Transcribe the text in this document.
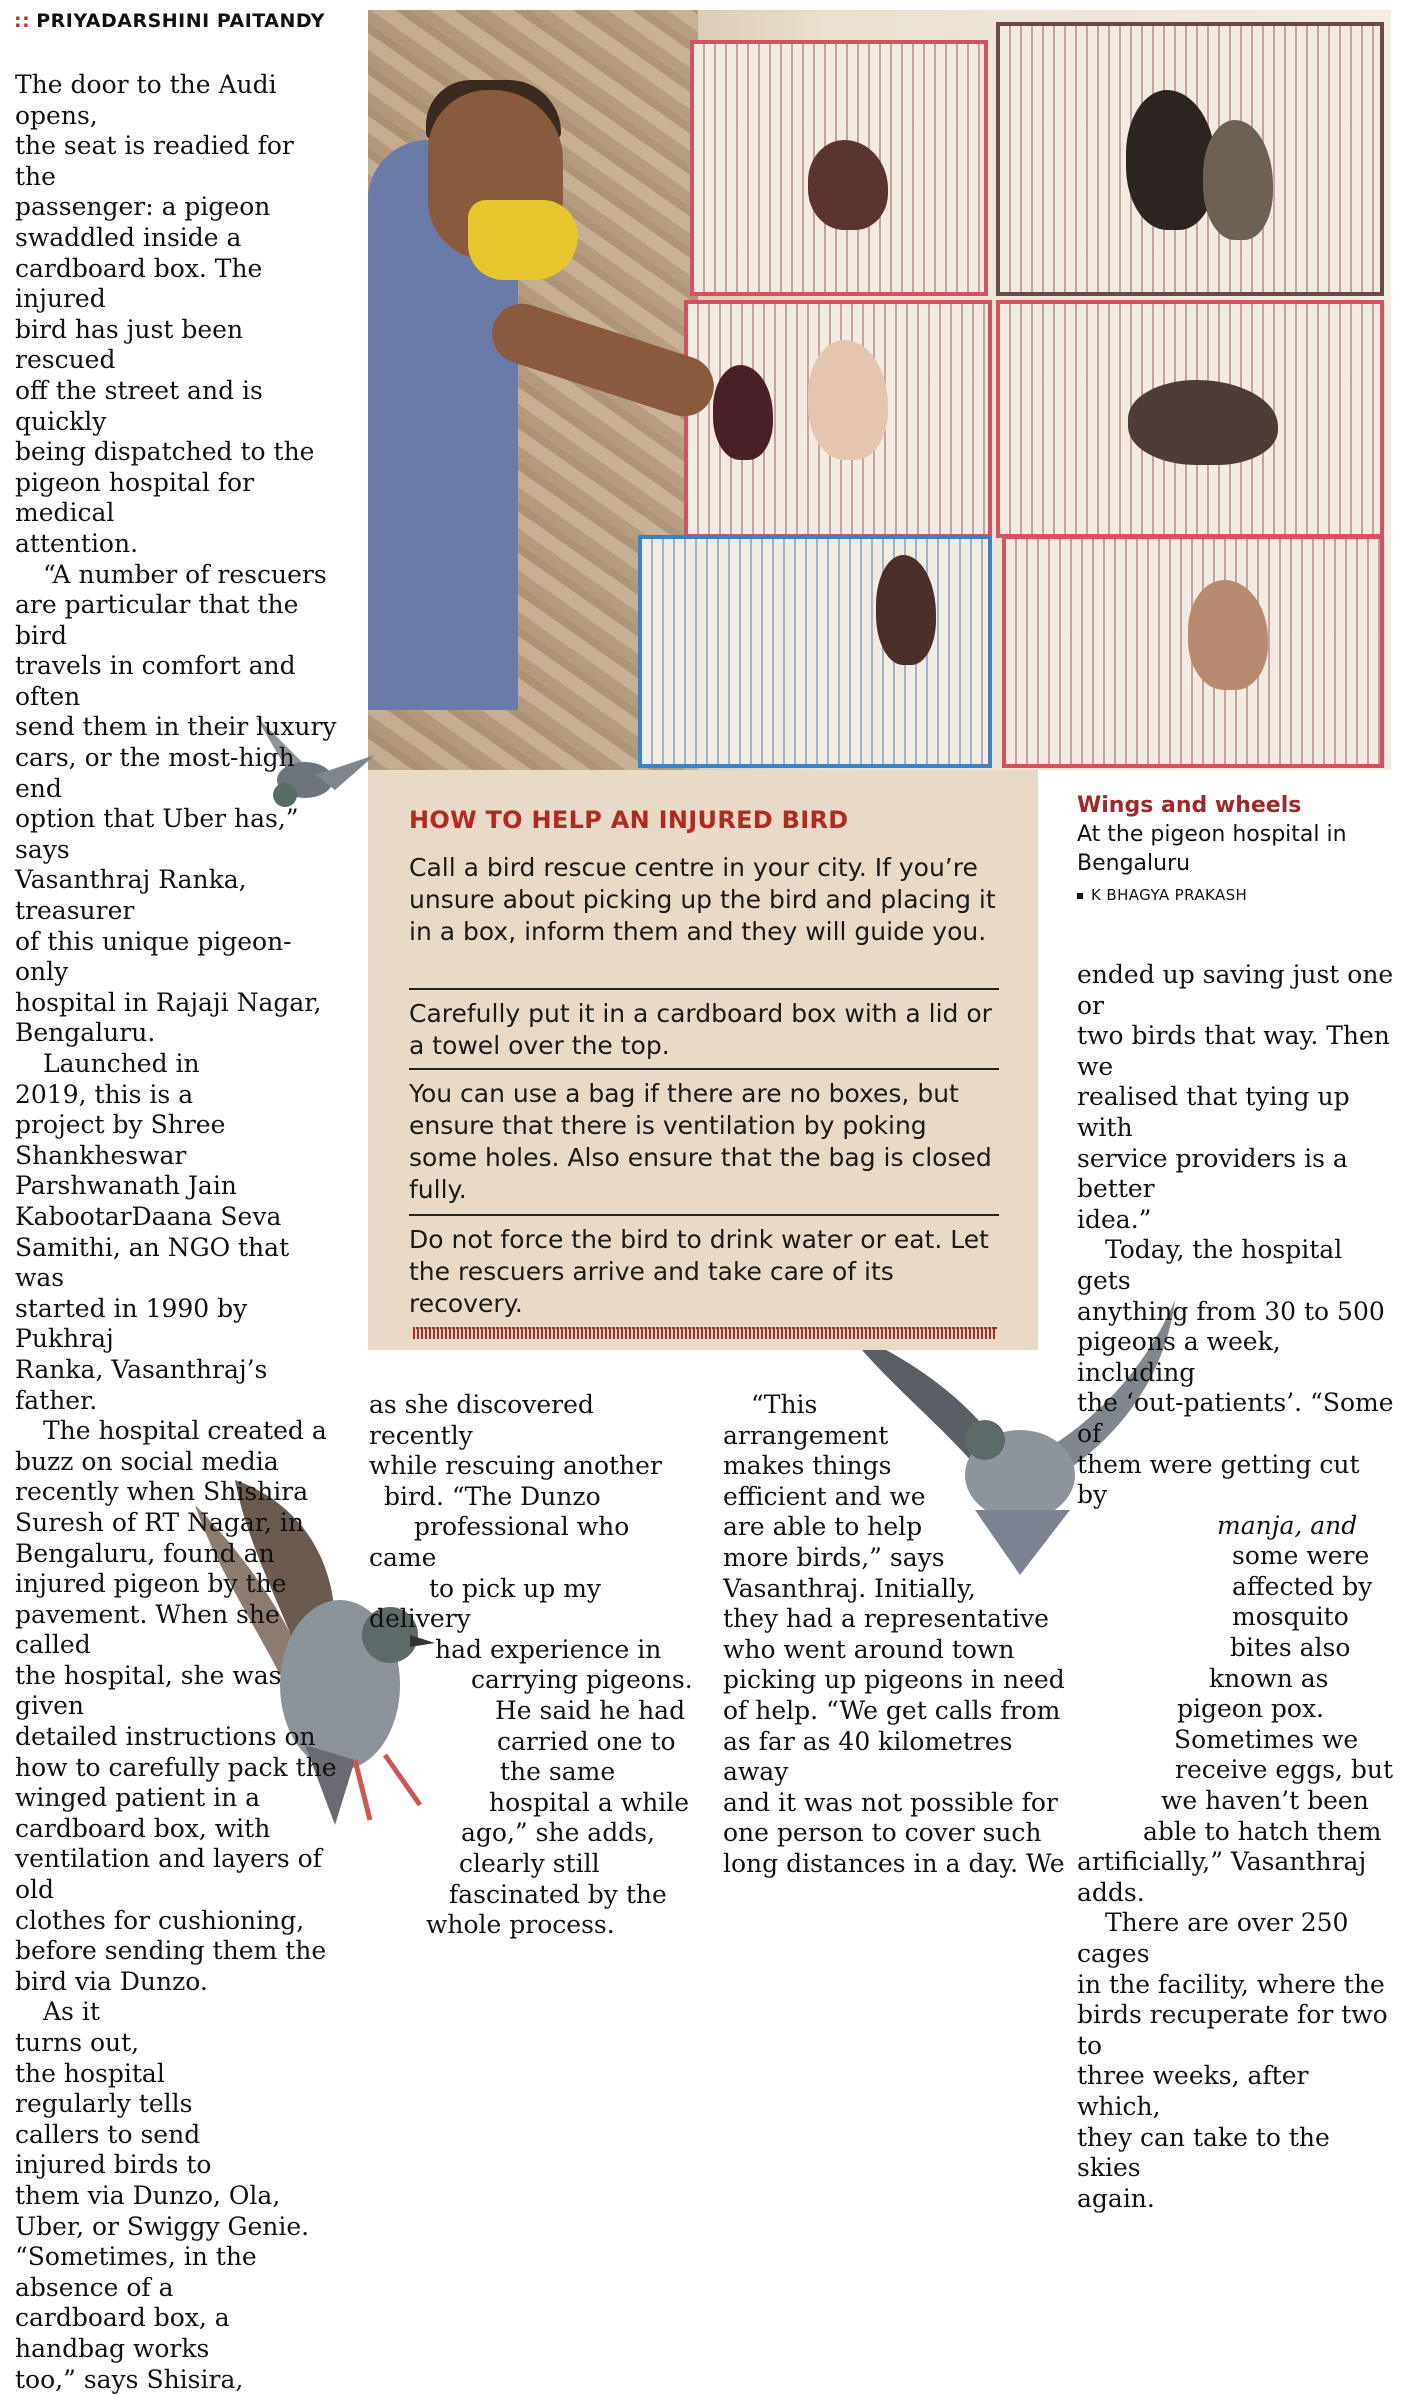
:: PRIYADARSHINI PAITANDY

The door to the Audi opens,
the seat is readied for the
passenger: a pigeon
swaddled inside a
cardboard box. The injured
bird has just been rescued
off the street and is quickly
being dispatched to the
pigeon hospital for medical
attention.
“A number of rescuers
are particular that the bird
travels in comfort and often
send them in their luxury
cars, or the most-high end
option that Uber has,” says
Vasanthraj Ranka, treasurer
of this unique pigeon-only
hospital in Rajaji Nagar,
Bengaluru.
Launched in
2019, this is a
project by Shree
Shankheswar
Parshwanath Jain
KabootarDaana Seva
Samithi, an NGO that was
started in 1990 by Pukhraj
Ranka, Vasanthraj’s father.
The hospital created a
buzz on social media
recently when Shishira
Suresh of RT Nagar, in
Bengaluru, found an
injured pigeon by the
pavement. When she called
the hospital, she was given
detailed instructions on
how to carefully pack the
winged patient in a
cardboard box, with
ventilation and layers of old
clothes for cushioning,
before sending them the
bird via Dunzo.
As it
turns out,
the hospital
regularly tells
callers to send
injured birds to
them via Dunzo, Ola,
Uber, or Swiggy Genie.
“Sometimes, in the
absence of a
cardboard box, a
handbag works
too,” says Shisira,

HOW TO HELP AN INJURED BIRD
Call a bird rescue centre in your city. If you’re unsure about picking up the bird and placing it in a box, inform them and they will guide you.
Carefully put it in a cardboard box with a lid or a towel over the top.
You can use a bag if there are no boxes, but ensure that there is ventilation by poking some holes. Also ensure that the bag is closed fully.
Do not force the bird to drink water or eat. Let the rescuers arrive and take care of its recovery.
Wings and wheels
At the pigeon hospital in Bengaluru
K BHAGYA PRAKASH

as she discovered recently
while rescuing another
bird. “The Dunzo
professional who came
to pick up my delivery
had experience in
carrying pigeons.
He said he had
carried one to
the same
hospital a while
ago,” she adds,
clearly still
fascinated by the
whole process.

“This
arrangement
makes things
efficient and we
are able to help
more birds,” says
Vasanthraj. Initially,
they had a representative
who went around town
picking up pigeons in need
of help. “We get calls from
as far as 40 kilometres away
and it was not possible for
one person to cover such
long distances in a day. We

ended up saving just one or
two birds that way. Then we
realised that tying up with
service providers is a better
idea.”
Today, the hospital gets
anything from 30 to 500
pigeons a week, including
the ‘out-patients’. “Some of
them were getting cut by
manja, and
some were
affected by
mosquito
bites also
known as
pigeon pox.
Sometimes we
receive eggs, but
we haven’t been
able to hatch them
artificially,” Vasanthraj
adds.
There are over 250 cages
in the facility, where the
birds recuperate for two to
three weeks, after which,
they can take to the skies
again.
